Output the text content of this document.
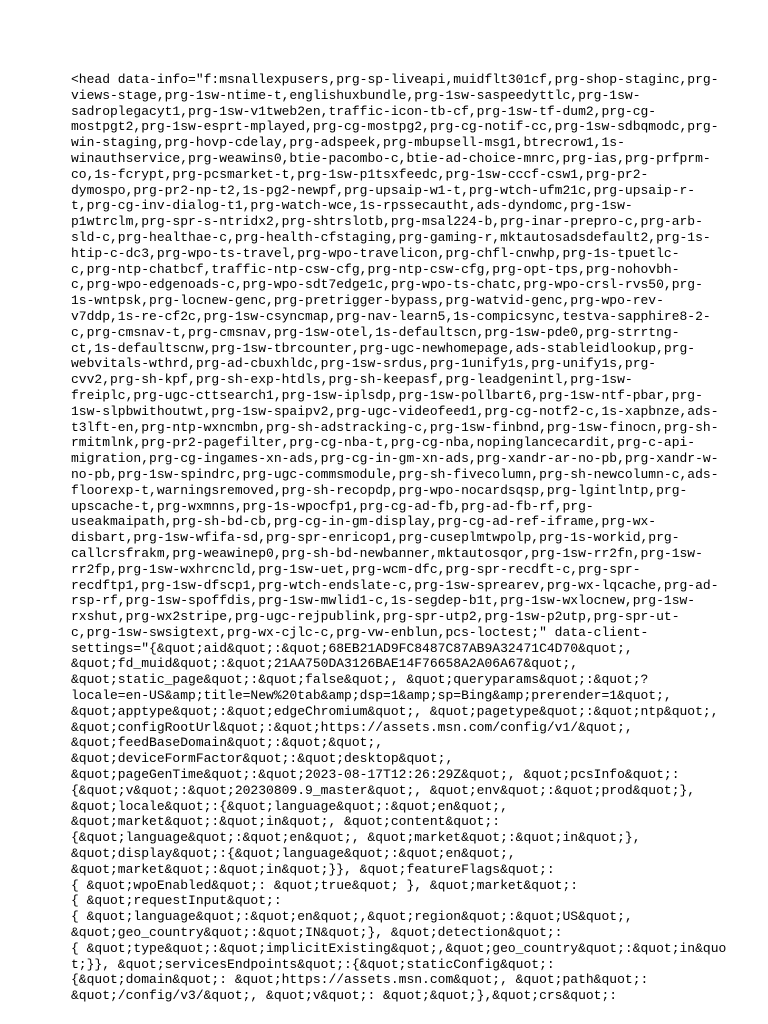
<head data-info="f:msnallexpusers,prg-sp-liveapi,muidflt301cf,prg-shop-staginc,prg-
views-stage,prg-1sw-ntime-t,englishuxbundle,prg-1sw-saspeedyttlc,prg-1sw-
sadroplegacyt1,prg-1sw-v1tweb2en,traffic-icon-tb-cf,prg-1sw-tf-dum2,prg-cg-
mostpgt2,prg-1sw-esprt-mplayed,prg-cg-mostpg2,prg-cg-notif-cc,prg-1sw-sdbqmodc,prg-
win-staging,prg-hovp-cdelay,prg-adspeek,prg-mbupsell-msg1,btrecrow1,1s-
winauthservice,prg-weawins0,btie-pacombo-c,btie-ad-choice-mnrc,prg-ias,prg-prfprm-
co,1s-fcrypt,prg-pcsmarket-t,prg-1sw-p1tsxfeedc,prg-1sw-cccf-csw1,prg-pr2-
dymospo,prg-pr2-np-t2,1s-pg2-newpf,prg-upsaip-w1-t,prg-wtch-ufm21c,prg-upsaip-r-
t,prg-cg-inv-dialog-t1,prg-watch-wce,1s-rpssecautht,ads-dyndomc,prg-1sw-
p1wtrclm,prg-spr-s-ntridx2,prg-shtrslotb,prg-msal224-b,prg-inar-prepro-c,prg-arb-
sld-c,prg-healthae-c,prg-health-cfstaging,prg-gaming-r,mktautosadsdefault2,prg-1s-
htip-c-dc3,prg-wpo-ts-travel,prg-wpo-travelicon,prg-chfl-cnwhp,prg-1s-tpuetlc-
c,prg-ntp-chatbcf,traffic-ntp-csw-cfg,prg-ntp-csw-cfg,prg-opt-tps,prg-nohovbh-
c,prg-wpo-edgenoads-c,prg-wpo-sdt7edge1c,prg-wpo-ts-chatc,prg-wpo-crsl-rvs50,prg-
1s-wntpsk,prg-locnew-genc,prg-pretrigger-bypass,prg-watvid-genc,prg-wpo-rev-
v7ddp,1s-re-cf2c,prg-1sw-csyncmap,prg-nav-learn5,1s-compicsync,testva-sapphire8-2-
c,prg-cmsnav-t,prg-cmsnav,prg-1sw-otel,1s-defaultscn,prg-1sw-pde0,prg-strrtng-
ct,1s-defaultscnw,prg-1sw-tbrcounter,prg-ugc-newhomepage,ads-stableidlookup,prg-
webvitals-wthrd,prg-ad-cbuxhldc,prg-1sw-srdus,prg-1unify1s,prg-unify1s,prg-
cvv2,prg-sh-kpf,prg-sh-exp-htdls,prg-sh-keepasf,prg-leadgenintl,prg-1sw-
freiplc,prg-ugc-cttsearch1,prg-1sw-iplsdp,prg-1sw-pollbart6,prg-1sw-ntf-pbar,prg-
1sw-slpbwithoutwt,prg-1sw-spaipv2,prg-ugc-videofeed1,prg-cg-notf2-c,1s-xapbnze,ads-
t3lft-en,prg-ntp-wxncmbn,prg-sh-adstracking-c,prg-1sw-finbnd,prg-1sw-finocn,prg-sh-
rmitmlnk,prg-pr2-pagefilter,prg-cg-nba-t,prg-cg-nba,nopinglancecardit,prg-c-api-
migration,prg-cg-ingames-xn-ads,prg-cg-in-gm-xn-ads,prg-xandr-ar-no-pb,prg-xandr-w-
no-pb,prg-1sw-spindrc,prg-ugc-commsmodule,prg-sh-fivecolumn,prg-sh-newcolumn-c,ads-
floorexp-t,warningsremoved,prg-sh-recopdp,prg-wpo-nocardsqsp,prg-lgintlntp,prg-
upscache-t,prg-wxmnns,prg-1s-wpocfp1,prg-cg-ad-fb,prg-ad-fb-rf,prg-
useakmaipath,prg-sh-bd-cb,prg-cg-in-gm-display,prg-cg-ad-ref-iframe,prg-wx-
disbart,prg-1sw-wfifa-sd,prg-spr-enricop1,prg-cuseplmtwpolp,prg-1s-workid,prg-
callcrsfrakm,prg-weawinep0,prg-sh-bd-newbanner,mktautosqor,prg-1sw-rr2fn,prg-1sw-
rr2fp,prg-1sw-wxhrcncld,prg-1sw-uet,prg-wcm-dfc,prg-spr-recdft-c,prg-spr-
recdftp1,prg-1sw-dfscp1,prg-wtch-endslate-c,prg-1sw-sprearev,prg-wx-lqcache,prg-ad-
rsp-rf,prg-1sw-spoffdis,prg-1sw-mwlid1-c,1s-segdep-b1t,prg-1sw-wxlocnew,prg-1sw-
rxshut,prg-wx2stripe,prg-ugc-rejpublink,prg-spr-utp2,prg-1sw-p2utp,prg-spr-ut-
c,prg-1sw-swsigtext,prg-wx-cjlc-c,prg-vw-enblun,pcs-loctest;" data-client-
settings="{&quot;aid&quot;:&quot;68EB21AD9FC8487C87AB9A32471C4D70&quot;,
&quot;fd_muid&quot;:&quot;21AA750DA3126BAE14F76658A2A06A67&quot;,
&quot;static_page&quot;:&quot;false&quot;, &quot;queryparams&quot;:&quot;?
locale=en-US&amp;title=New%20tab&amp;dsp=1&amp;sp=Bing&amp;prerender=1&quot;,
&quot;apptype&quot;:&quot;edgeChromium&quot;, &quot;pagetype&quot;:&quot;ntp&quot;,
&quot;configRootUrl&quot;:&quot;https://assets.msn.com/config/v1/&quot;,
&quot;feedBaseDomain&quot;:&quot;&quot;,
&quot;deviceFormFactor&quot;:&quot;desktop&quot;,
&quot;pageGenTime&quot;:&quot;2023-08-17T12:26:29Z&quot;, &quot;pcsInfo&quot;:
{&quot;v&quot;:&quot;20230809.9_master&quot;, &quot;env&quot;:&quot;prod&quot;},
&quot;locale&quot;:{&quot;language&quot;:&quot;en&quot;,
&quot;market&quot;:&quot;in&quot;, &quot;content&quot;:
{&quot;language&quot;:&quot;en&quot;, &quot;market&quot;:&quot;in&quot;},
&quot;display&quot;:{&quot;language&quot;:&quot;en&quot;,
&quot;market&quot;:&quot;in&quot;}}, &quot;featureFlags&quot;:
{ &quot;wpoEnabled&quot;: &quot;true&quot; }, &quot;market&quot;:
{ &quot;requestInput&quot;:
{ &quot;language&quot;:&quot;en&quot;,&quot;region&quot;:&quot;US&quot;,
&quot;geo_country&quot;:&quot;IN&quot;}, &quot;detection&quot;:
{ &quot;type&quot;:&quot;implicitExisting&quot;,&quot;geo_country&quot;:&quot;in&quo
t;}}, &quot;servicesEndpoints&quot;:{&quot;staticConfig&quot;:
{&quot;domain&quot;: &quot;https://assets.msn.com&quot;, &quot;path&quot;:
&quot;/config/v3/&quot;, &quot;v&quot;: &quot;&quot;},&quot;crs&quot;:
